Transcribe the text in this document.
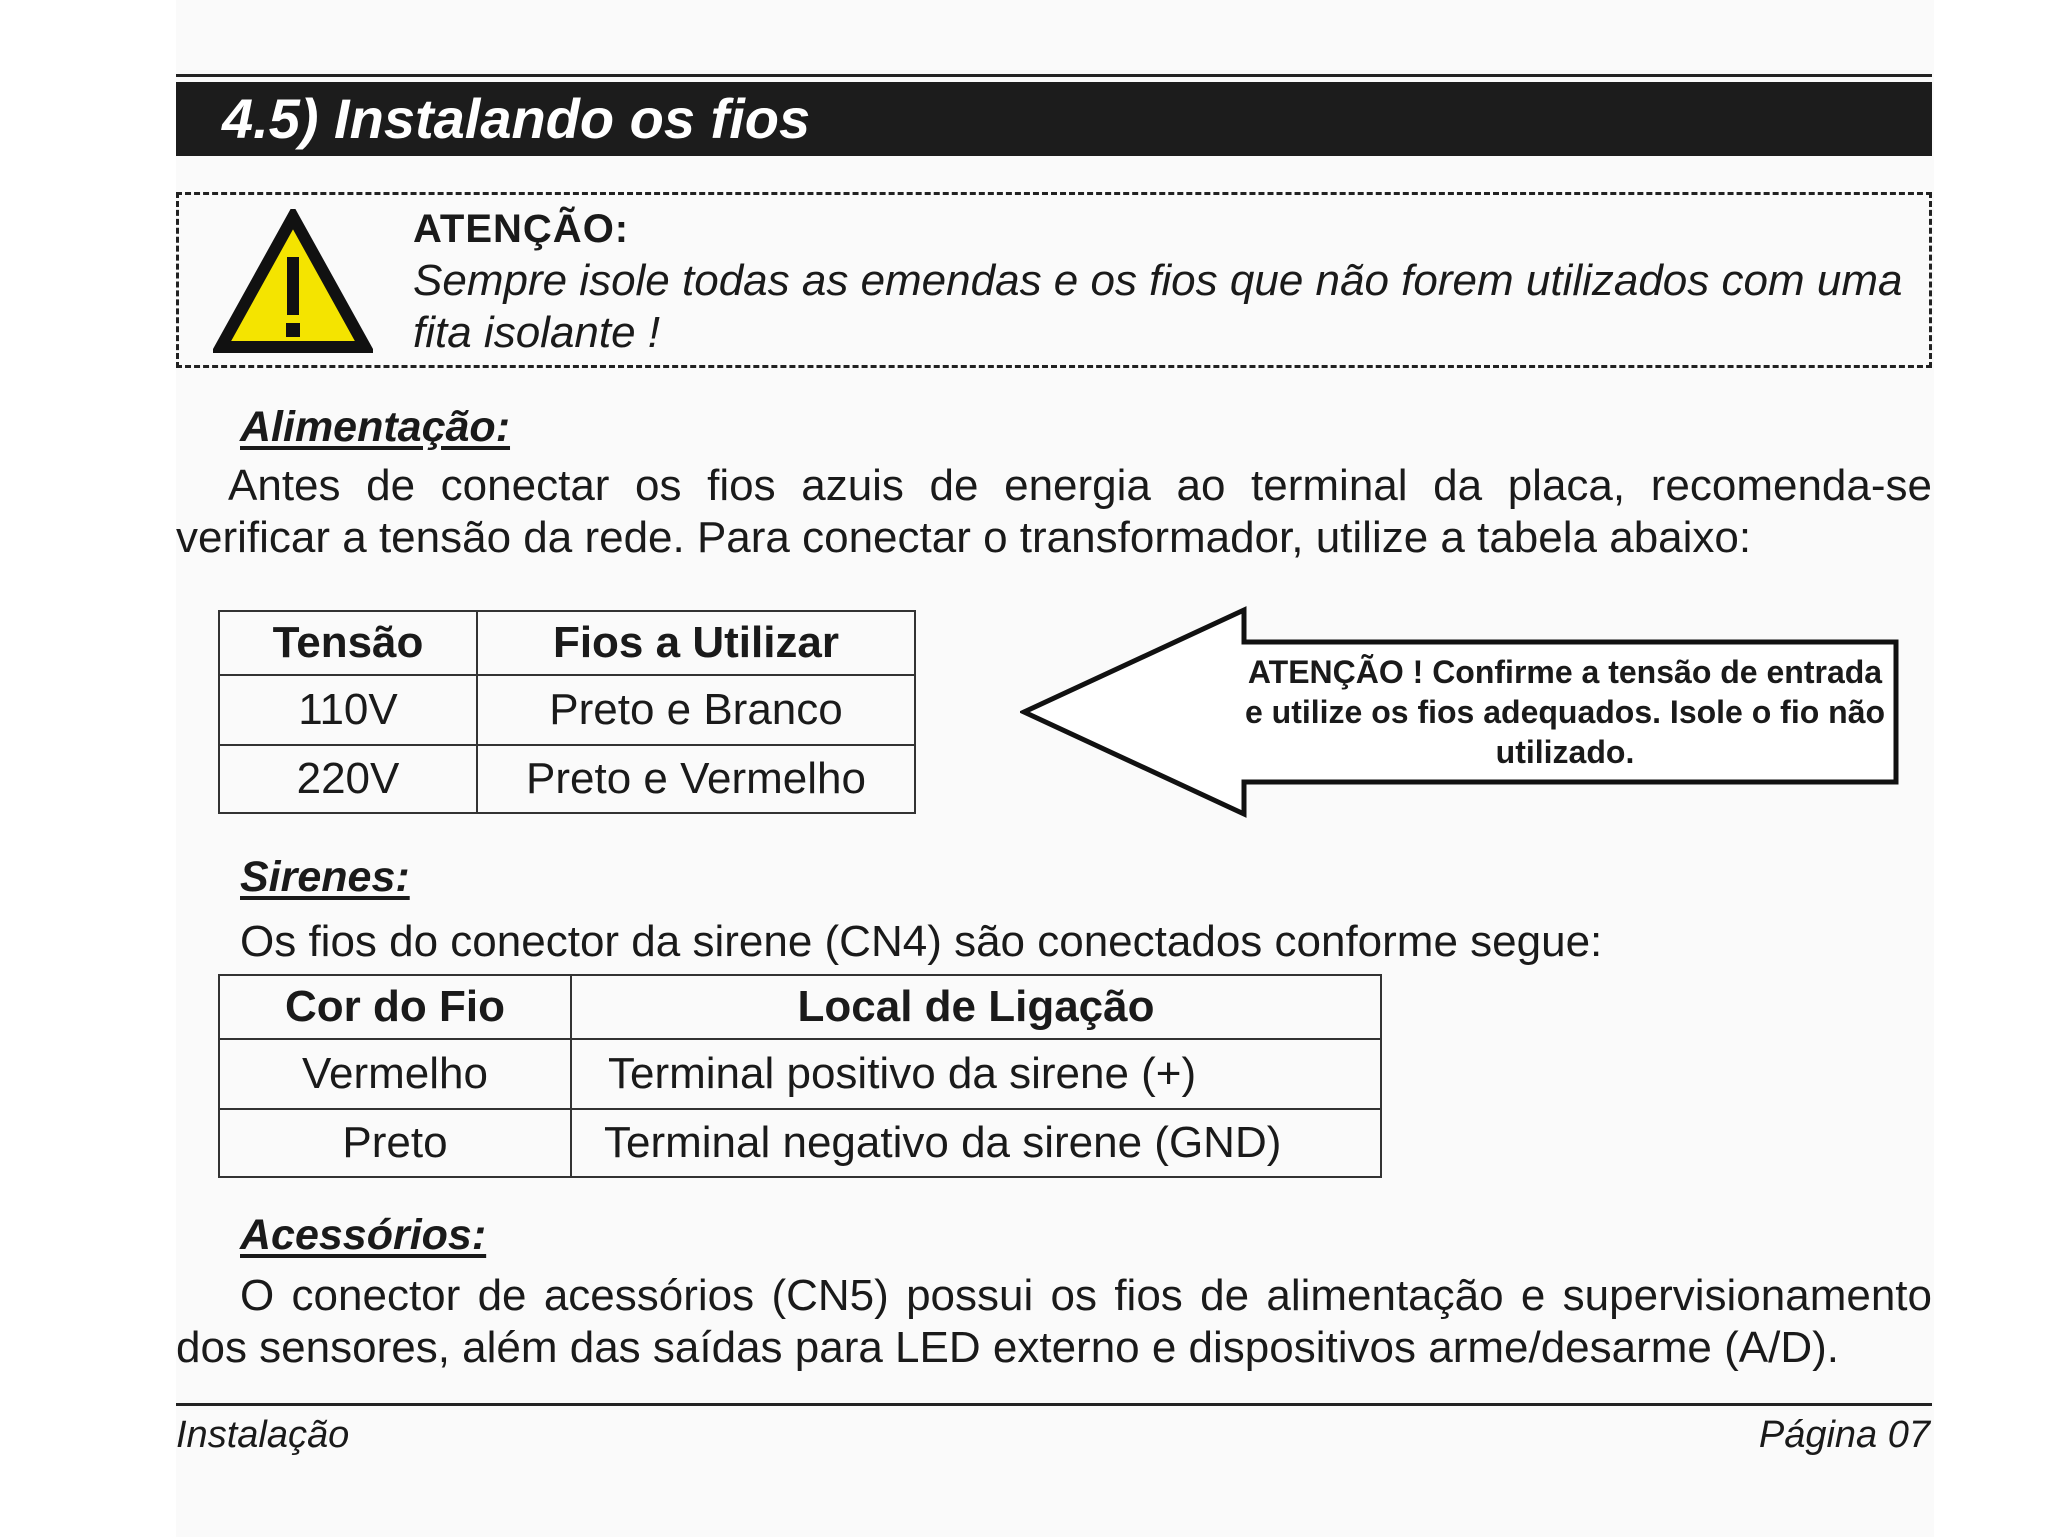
4.5) Instalando os fios
ATENÇÃO:
Sempre isole todas as emendas e os fios que não forem utilizados com uma fita isolante !
Alimentação:
Antes de conectar os fios azuis de energia ao terminal da placa, recomenda-se verificar a tensão da rede. Para conectar o transformador, utilize a tabela abaixo:
Tensão	Fios a Utilizar
110V	Preto e Branco
220V	Preto e Vermelho
ATENÇÃO ! Confirme a tensão de entrada e utilize os fios adequados. Isole o fio não utilizado.
Sirenes:
Os fios do conector da sirene (CN4) são conectados conforme segue:
Cor do Fio	Local de Ligação
Vermelho	Terminal positivo da sirene (+)
Preto	Terminal negativo da sirene (GND)
Acessórios:
O conector de acessórios (CN5) possui os fios de alimentação e supervisionamento dos sensores, além das saídas para LED externo e dispositivos arme/desarme (A/D).
Instalação	Página 07
